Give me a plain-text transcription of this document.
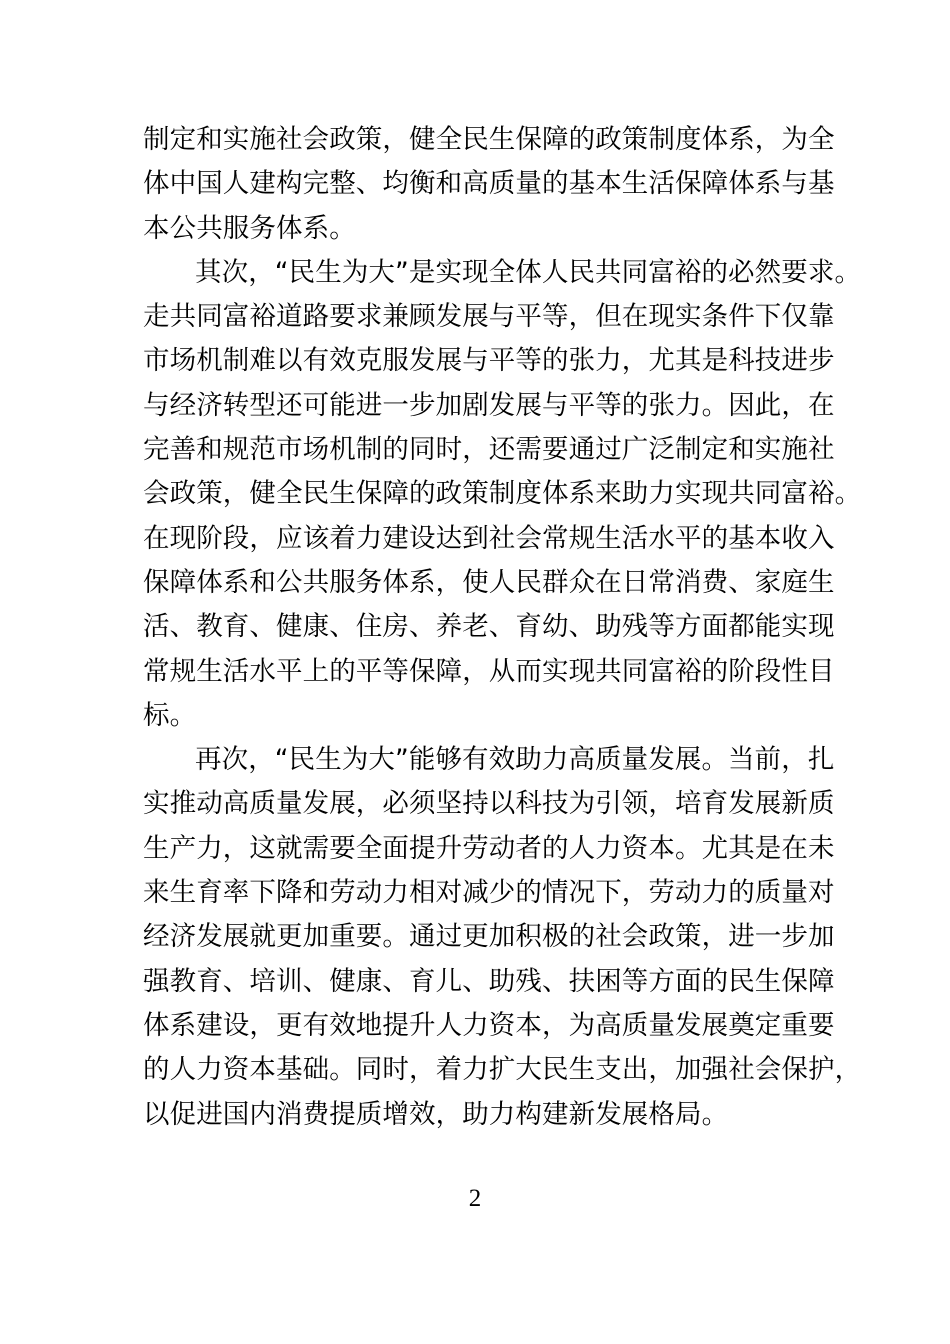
制定和实施社会政策，健全民生保障的政策制度体系，为全
体中国人建构完整、均衡和高质量的基本生活保障体系与基
本公共服务体系。
其次，“民生为大”是实现全体人民共同富裕的必然要求。
走共同富裕道路要求兼顾发展与平等，但在现实条件下仅靠
市场机制难以有效克服发展与平等的张力，尤其是科技进步
与经济转型还可能进一步加剧发展与平等的张力。因此，在
完善和规范市场机制的同时，还需要通过广泛制定和实施社
会政策，健全民生保障的政策制度体系来助力实现共同富裕。
在现阶段，应该着力建设达到社会常规生活水平的基本收入
保障体系和公共服务体系，使人民群众在日常消费、家庭生
活、教育、健康、住房、养老、育幼、助残等方面都能实现
常规生活水平上的平等保障，从而实现共同富裕的阶段性目
标。
再次，“民生为大”能够有效助力高质量发展。当前，扎
实推动高质量发展，必须坚持以科技为引领，培育发展新质
生产力，这就需要全面提升劳动者的人力资本。尤其是在未
来生育率下降和劳动力相对减少的情况下，劳动力的质量对
经济发展就更加重要。通过更加积极的社会政策，进一步加
强教育、培训、健康、育儿、助残、扶困等方面的民生保障
体系建设，更有效地提升人力资本，为高质量发展奠定重要
的人力资本基础。同时，着力扩大民生支出，加强社会保护，
以促进国内消费提质增效，助力构建新发展格局。
2
